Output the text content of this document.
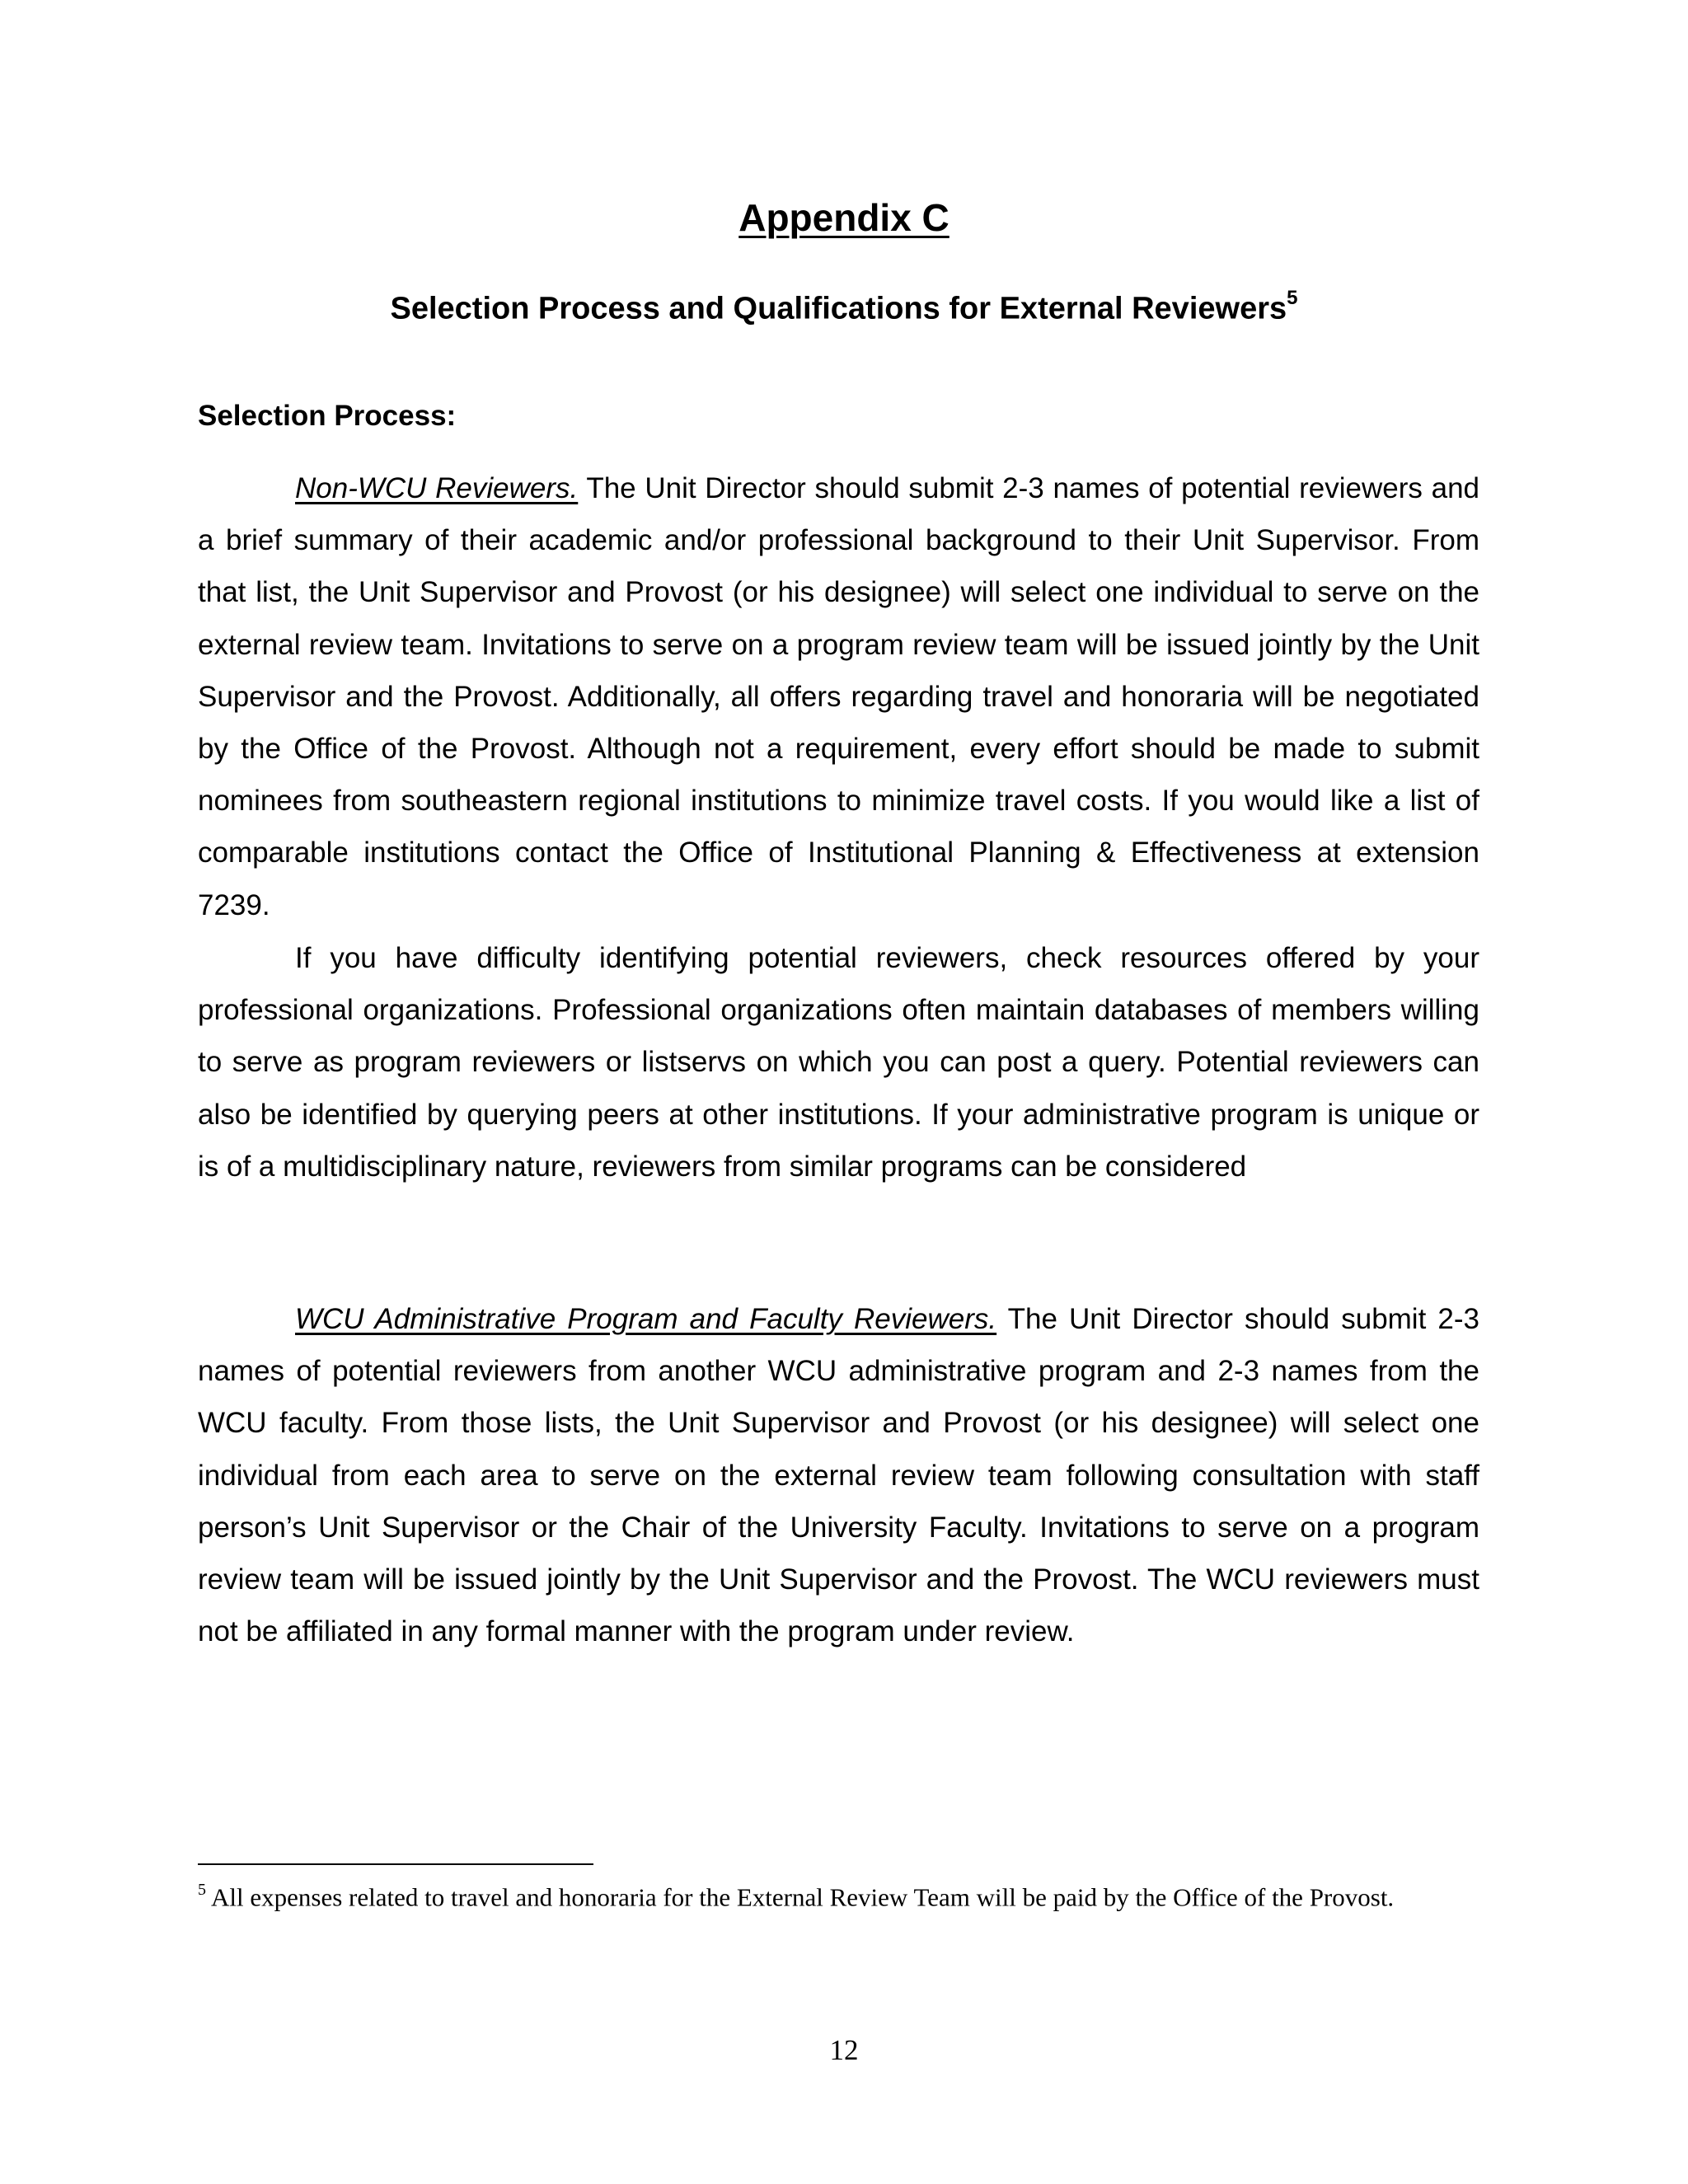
Appendix C
Selection Process and Qualifications for External Reviewers$^5$
Selection Process:

Non-WCU Reviewers. The Unit Director should submit 2-3 names of potential reviewers and a brief summary of their academic and/or professional background to their Unit Supervisor. From that list, the Unit Supervisor and Provost (or his designee) will select one individual to serve on the external review team. Invitations to serve on a program review team will be issued jointly by the Unit Supervisor and the Provost. Additionally, all offers regarding travel and honoraria will be negotiated by the Office of the Provost. Although not a requirement, every effort should be made to submit nominees from southeastern regional institutions to minimize travel costs. If you would like a list of comparable institutions contact the Office of Institutional Planning & Effectiveness at extension 7239.

If you have difficulty identifying potential reviewers, check resources offered by your professional organizations. Professional organizations often maintain databases of members willing to serve as program reviewers or listservs on which you can post a query. Potential reviewers can also be identified by querying peers at other institutions. If your administrative program is unique or is of a multidisciplinary nature, reviewers from similar programs can be considered

WCU Administrative Program and Faculty Reviewers. The Unit Director should submit 2-3 names of potential reviewers from another WCU administrative program and 2-3 names from the WCU faculty. From those lists, the Unit Supervisor and Provost (or his designee) will select one individual from each area to serve on the external review team following consultation with staff person’s Unit Supervisor or the Chair of the University Faculty. Invitations to serve on a program review team will be issued jointly by the Unit Supervisor and the Provost. The WCU reviewers must not be affiliated in any formal manner with the program under review.

$^5$ All expenses related to travel and honoraria for the External Review Team will be paid by the Office of the Provost.
12
